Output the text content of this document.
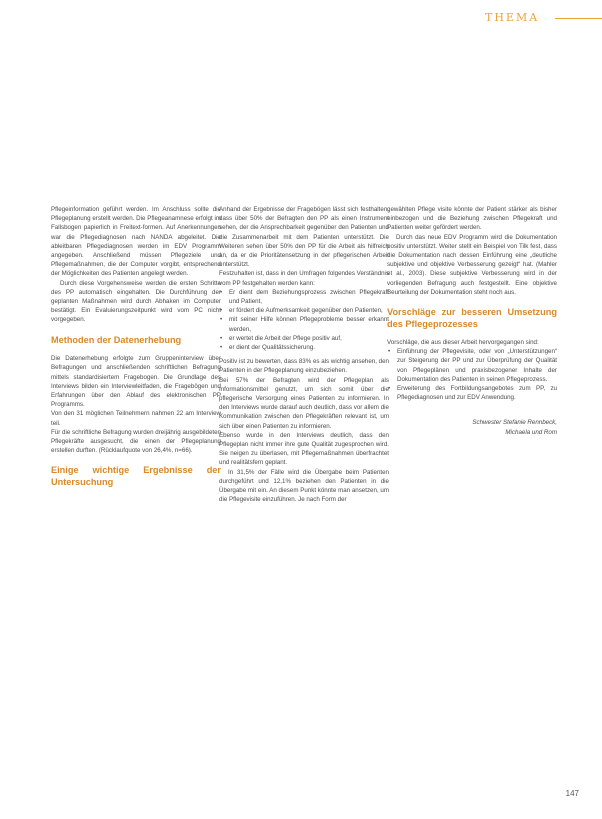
THEMA

Pflegeinformation geführt werden. Im Anschluss sollte die Pflegeplanung erstellt werden. Die Pflegeanamnese erfolgt im Fallsbogen papierlich in Freitext-formen. Auf Anerkennungen war die Pflegediagnosen nach NANDA abgeleitet. Die ableitbaren Pflegediagnosen werden im EDV Programm angegeben. Anschließend müssen Pflegeziele und Pflegemaßnahmen, die der Computer vorgibt, entsprechend der Möglichkeiten des Patienten angelegt werden.

Durch diese Vorgehensweise werden die ersten Schritte des PP automatisch eingehalten. Die Durchführung der geplanten Maßnahmen wird durch Abhaken im Computer bestätigt. Ein Evaluierungszeitpunkt wird vom PC nicht vorgegeben.

Methoden der Datenerhebung

Die Datenerhebung erfolgte zum Gruppeninterview über Befragungen und anschließenden schriftlichen Befragung mittels standardisiertem Fragebogen. Die Grundlage des Interviews bilden ein Interviewleitfaden, die Fragebögen und Erfahrungen über den Ablauf des elektronischen PP Programms.

Von den 31 möglichen Teilnehmern nahmen 22 am Interview teil.

Für die schriftliche Befragung wurden dreijährig ausgebildeten Pflegekräfte ausgesucht, die einen der Pflegeplanung erstellen durften. (Rücklaufquote von 26,4%, n=66).

Einige wichtige Ergebnisse der Untersuchung

Anhand der Ergebnisse der Fragebögen lässt sich festhalten, dass über 50% der Befragten den PP als einen Instrument sehen, der die Ansprechbarkeit gegenüber den Patienten und die Zusammenarbeit mit dem Patienten unterstützt. Die Weiteren sehen über 50% den PP für die Arbeit als hilfreich an, da er die Prioritätensetzung in der pflegerischen Arbeit unterstützt.

Festzuhalten ist, dass in den Umfragen folgendes Verständnis vom PP festgehalten werden kann:

• Er dient dem Beziehungsprozess zwischen Pflegekraft und Patient,
• er fördert die Aufmerksamkeit gegenüber den Patienten,
• mit seiner Hilfe können Pflegeprobleme besser erkannt werden,
• er wertet die Arbeit der Pflege positiv auf,
• er dient der Qualitätssicherung.

Positiv ist zu bewerten, dass 83% es als wichtig ansehen, den Patienten in der Pflegeplanung einzubeziehen.

Bei 57% der Befragten wird der Pflegeplan als Informationsmittel genutzt, um sich somit über die pflegerische Versorgung eines Patienten zu informieren. In den Interviews wurde darauf auch deutlich, dass vor allem die Kommunikation zwischen den Pflegekräften relevant ist, um sich über einen Patienten zu informieren.

Ebenso wurde in den Interviews deutlich, dass den Pflegeplan nicht immer ihre gute Qualität zugesprochen wird. Sie neigen zu überlasen, mit Pflegemaßnahmen überfrachtet und realitätsfern geplant.

In 31,5% der Fälle wird die Übergabe beim Patienten durchgeführt und 12,1% beziehen den Patienten in die Übergabe mit ein. An diesem Punkt könnte man ansetzen, um die Pflegevisite einzuführen. Je nach Form der

gewählten Pflege visite könnte der Patient stärker als bisher einbezogen und die Beziehung zwischen Pflegekraft und Patienten weiter gefördert werden.

Durch das neue EDV Programm wird die Dokumentation positiv unterstützt. Weiter stellt ein Beispiel von Tilk fest, dass die Dokumentation nach dessen Einführung eine „deutliche subjektive und objektive Verbesserung gezeigt“ hat. (Mahler et al., 2003). Diese subjektive Verbesserung wird in der vorliegenden Befragung auch festgestellt. Eine objektive Beurteilung der Dokumentation steht noch aus.

Vorschläge zur besseren Umsetzung des Pflegeprozesses

Vorschläge, die aus dieser Arbeit hervorgegangen sind:

• Einführung der Pflegevisite, oder von „Unterstützungen“ zur Steigerung der PP und zur Überprüfung der Qualität von Pflegeplänen und praxisbezogener Inhalte der Dokumentation des Patienten in seinen Pflegeprozess.
• Erweiterung des Fortbildungsangebotes zum PP, zu Pflegediagnosen und zur EDV Anwendung.
Schwester Stefanie Rennbeck,
Michaela und Rom
147
